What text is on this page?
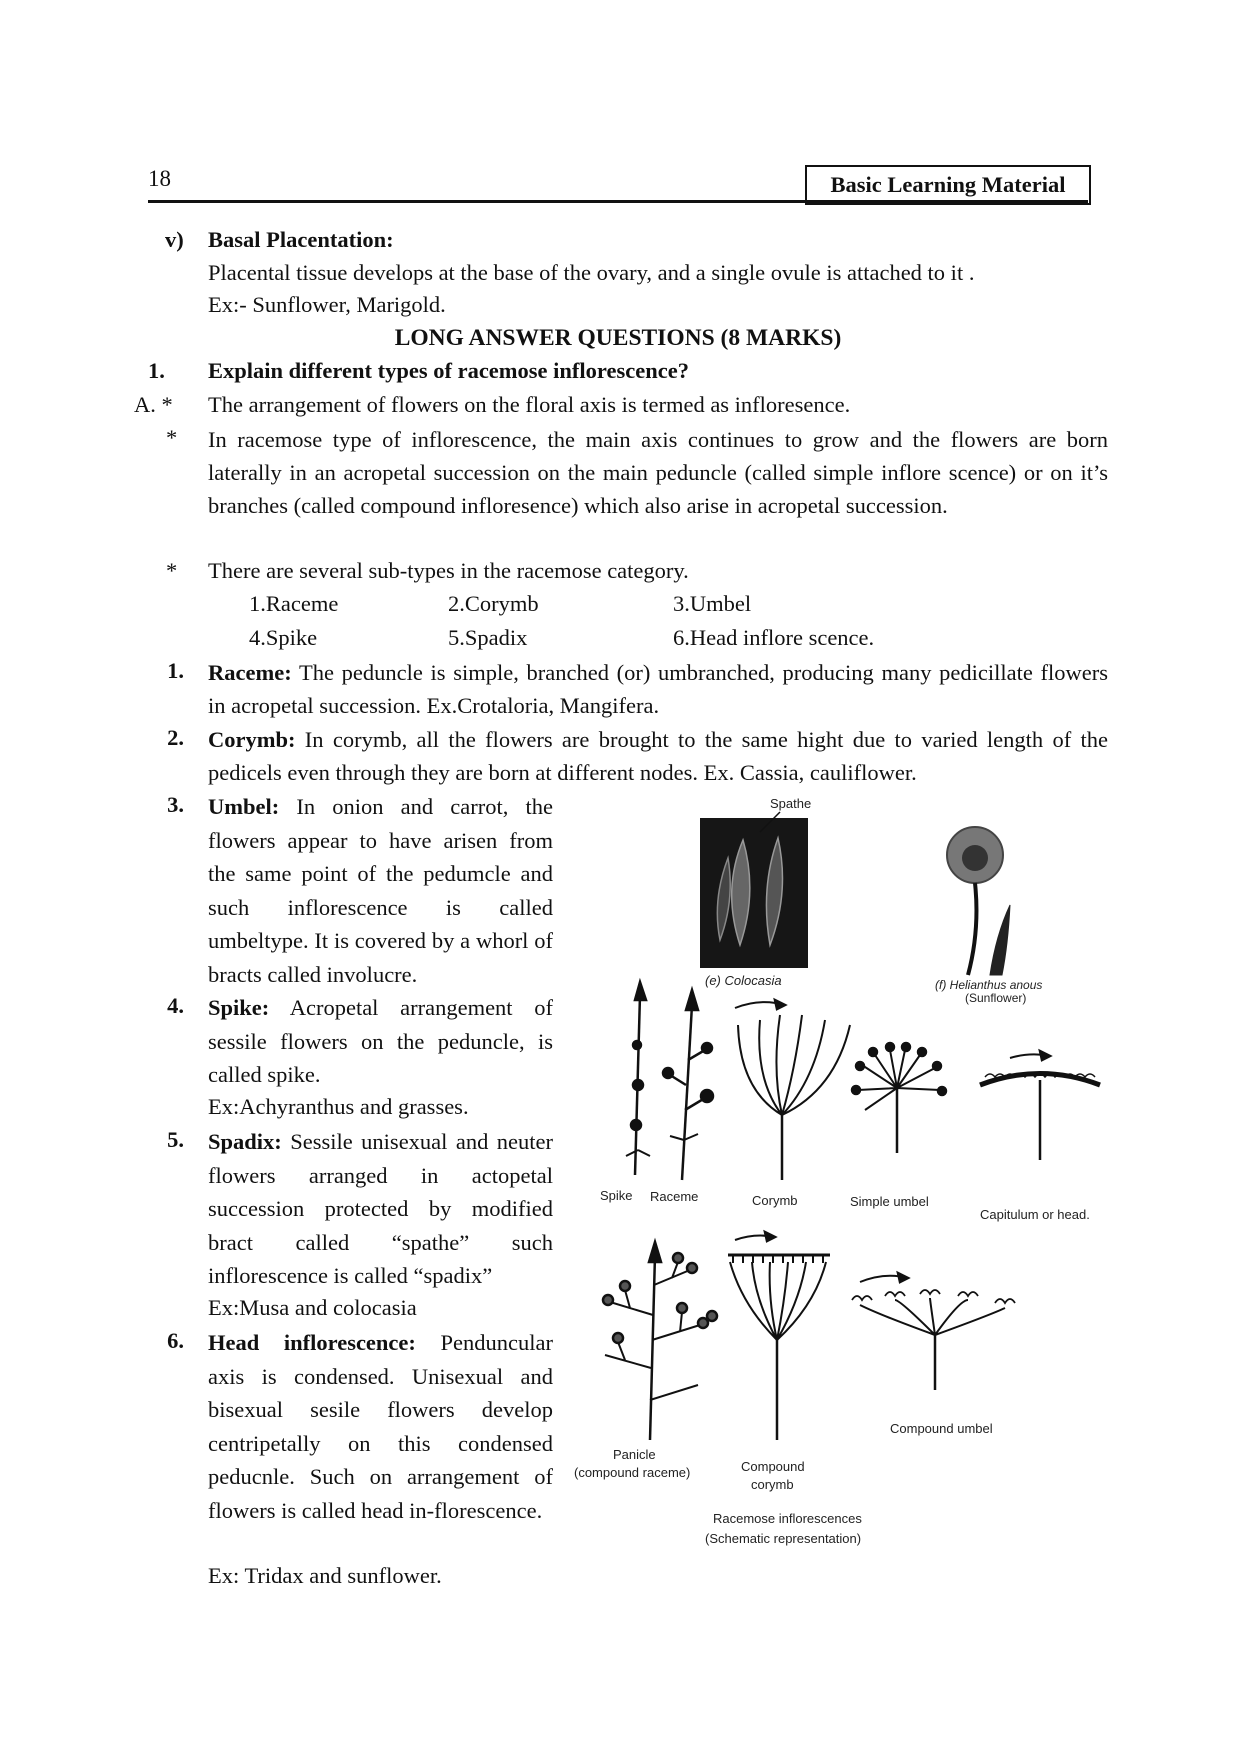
18	Basic Learning Material
v) Basal Placentation:
Placental tissue develops at the base of the ovary, and a single ovule is attached to it .
Ex:- Sunflower, Marigold.
LONG ANSWER QUESTIONS (8 MARKS)
1. Explain different types of racemose inflorescence?
A. * The arrangement of flowers on the floral axis is termed as infloresence.
* In racemose type of inflorescence, the main axis continues to grow and the flowers are born laterally in an acropetal succession on the main peduncle (called simple inflore scence) or on it’s branches (called compound infloresence) which also arise in acropetal succession.
* There are several sub-types in the racemose category.
1.Raceme	2.Corymb	3.Umbel
4.Spike	5.Spadix	6.Head inflore scence.
1. Raceme: The peduncle is simple, branched (or) umbranched, producing many pedicillate flowers in acropetal succession. Ex.Crotaloria, Mangifera.
2. Corymb: In corymb, all the flowers are brought to the same hight due to varied length of the pedicels even through they are born at different nodes. Ex. Cassia, cauliflower.
3. Umbel: In onion and carrot, the flowers appear to have arisen from the same point of the pedumcle and such inflorescence is called umbeltype. It is covered by a whorl of bracts called involucre.
4. Spike: Acropetal arrangement of sessile flowers on the peduncle, is called spike.
Ex:Achyranthus and grasses.
5. Spadix: Sessile unisexual and neuter flowers arranged in actopetal succession protected by modified bract called “spathe” such inflorescence is called “spadix”
Ex:Musa and colocasia
6. Head inflorescence: Penduncular axis is condensed. Unisexual and bisexual sesile flowers develop centripetally on this condensed peducnle. Such on arrangement of flowers is called head in-florescence.
Ex: Tridax and sunflower.
Spathe
(e) Colocasia	(f) Helianthus anous
(Sunflower)
Spike Raceme	Corymb	Simple umbel
Capitulum or head.
Compound umbel
Panicle
(compound raceme)	Compound
corymb
Racemose inflorescences
(Schematic representation)
